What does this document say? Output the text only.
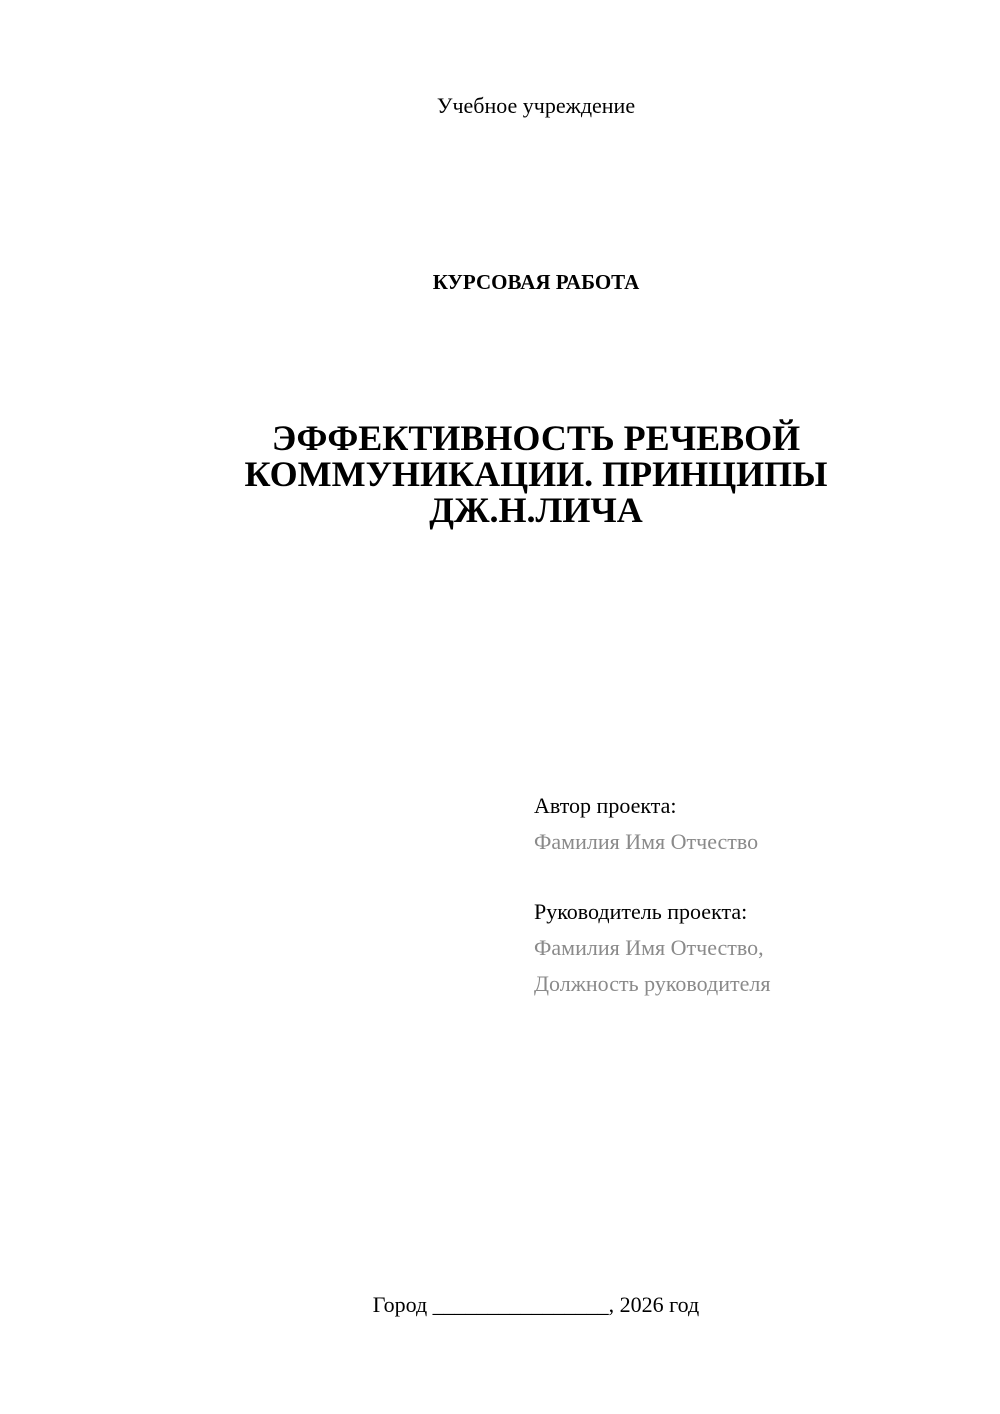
Учебное учреждение
КУРСОВАЯ РАБОТА
ЭФФЕКТИВНОСТЬ РЕЧЕВОЙ
КОММУНИКАЦИИ. ПРИНЦИПЫ
ДЖ.Н.ЛИЧА
Автор проекта:
Фамилия Имя Отчество
Руководитель проекта:
Фамилия Имя Отчество,
Должность руководителя
Город ________________, 2026 год
